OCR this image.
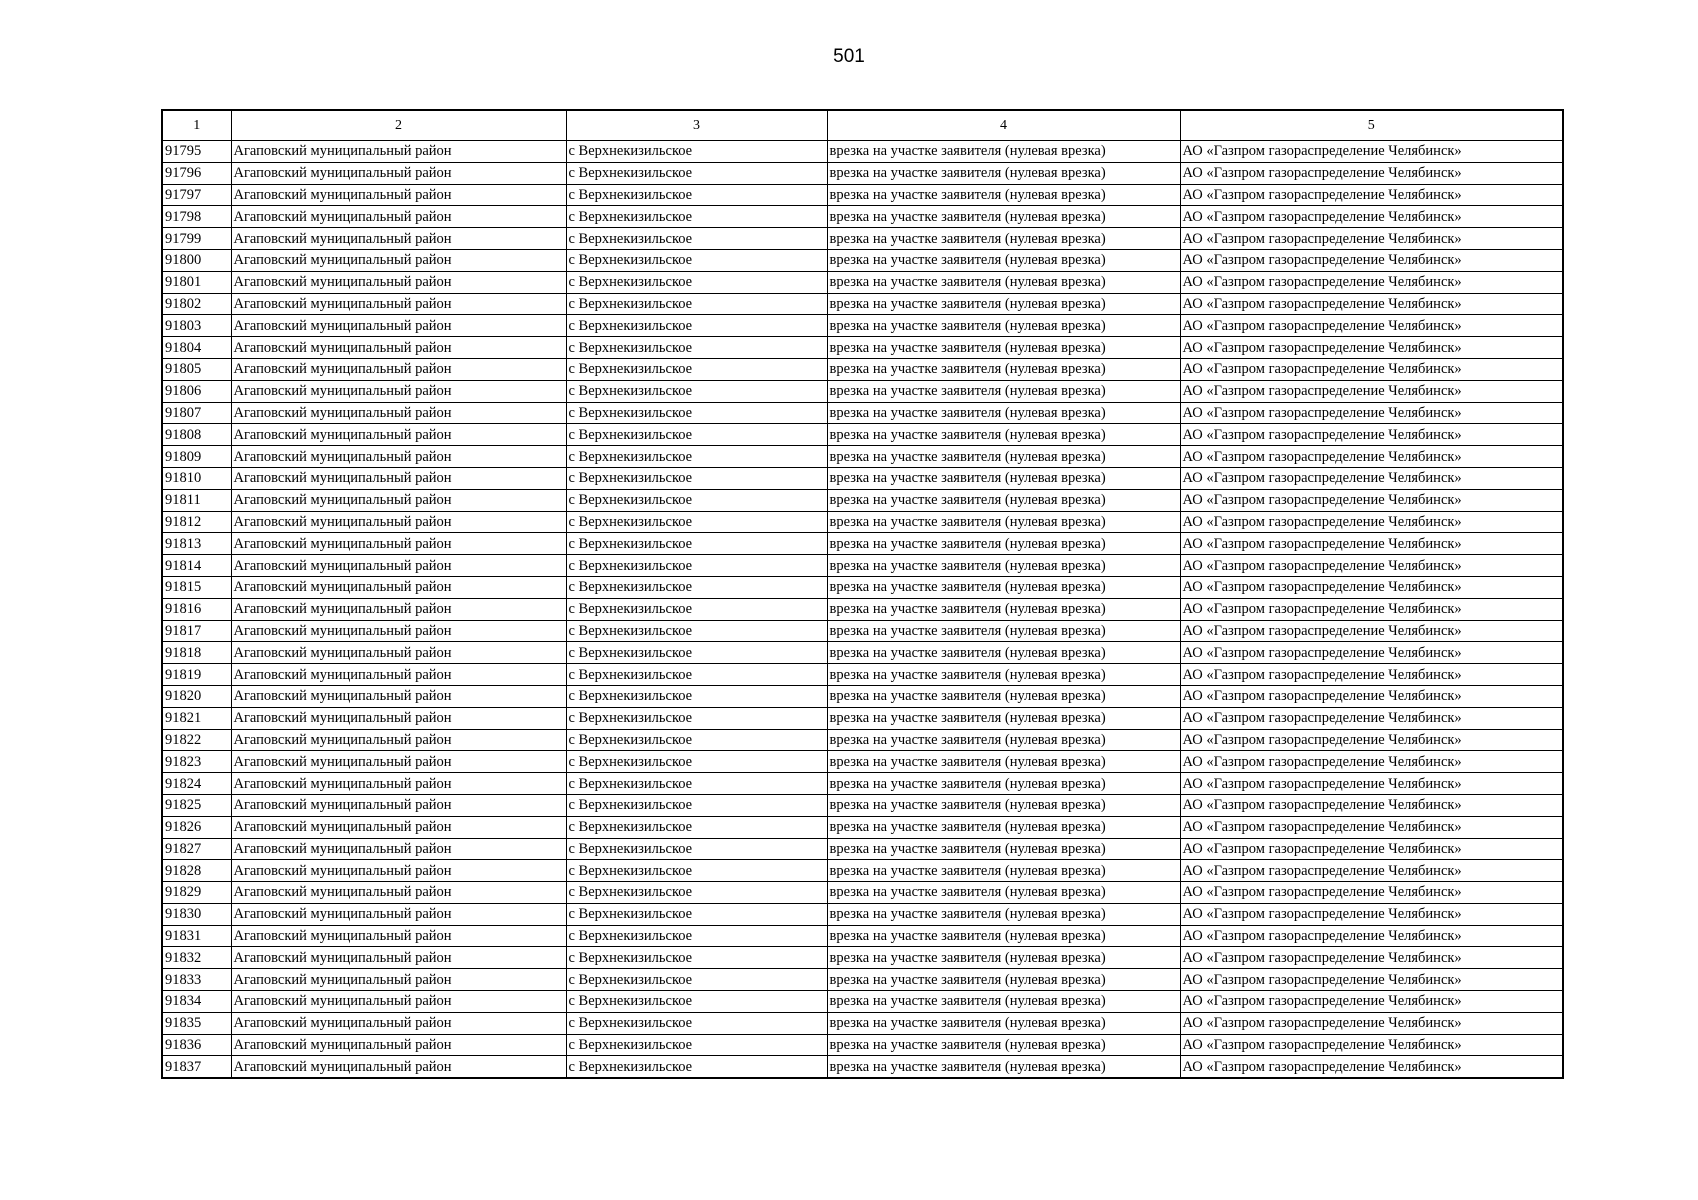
501
1	2	3	4	5
91795	Агаповский муниципальный район	с Верхнекизильское	врезка на участке заявителя (нулевая врезка)	АО «Газпром газораспределение Челябинск»
91796	Агаповский муниципальный район	с Верхнекизильское	врезка на участке заявителя (нулевая врезка)	АО «Газпром газораспределение Челябинск»
91797	Агаповский муниципальный район	с Верхнекизильское	врезка на участке заявителя (нулевая врезка)	АО «Газпром газораспределение Челябинск»
91798	Агаповский муниципальный район	с Верхнекизильское	врезка на участке заявителя (нулевая врезка)	АО «Газпром газораспределение Челябинск»
91799	Агаповский муниципальный район	с Верхнекизильское	врезка на участке заявителя (нулевая врезка)	АО «Газпром газораспределение Челябинск»
91800	Агаповский муниципальный район	с Верхнекизильское	врезка на участке заявителя (нулевая врезка)	АО «Газпром газораспределение Челябинск»
91801	Агаповский муниципальный район	с Верхнекизильское	врезка на участке заявителя (нулевая врезка)	АО «Газпром газораспределение Челябинск»
91802	Агаповский муниципальный район	с Верхнекизильское	врезка на участке заявителя (нулевая врезка)	АО «Газпром газораспределение Челябинск»
91803	Агаповский муниципальный район	с Верхнекизильское	врезка на участке заявителя (нулевая врезка)	АО «Газпром газораспределение Челябинск»
91804	Агаповский муниципальный район	с Верхнекизильское	врезка на участке заявителя (нулевая врезка)	АО «Газпром газораспределение Челябинск»
91805	Агаповский муниципальный район	с Верхнекизильское	врезка на участке заявителя (нулевая врезка)	АО «Газпром газораспределение Челябинск»
91806	Агаповский муниципальный район	с Верхнекизильское	врезка на участке заявителя (нулевая врезка)	АО «Газпром газораспределение Челябинск»
91807	Агаповский муниципальный район	с Верхнекизильское	врезка на участке заявителя (нулевая врезка)	АО «Газпром газораспределение Челябинск»
91808	Агаповский муниципальный район	с Верхнекизильское	врезка на участке заявителя (нулевая врезка)	АО «Газпром газораспределение Челябинск»
91809	Агаповский муниципальный район	с Верхнекизильское	врезка на участке заявителя (нулевая врезка)	АО «Газпром газораспределение Челябинск»
91810	Агаповский муниципальный район	с Верхнекизильское	врезка на участке заявителя (нулевая врезка)	АО «Газпром газораспределение Челябинск»
91811	Агаповский муниципальный район	с Верхнекизильское	врезка на участке заявителя (нулевая врезка)	АО «Газпром газораспределение Челябинск»
91812	Агаповский муниципальный район	с Верхнекизильское	врезка на участке заявителя (нулевая врезка)	АО «Газпром газораспределение Челябинск»
91813	Агаповский муниципальный район	с Верхнекизильское	врезка на участке заявителя (нулевая врезка)	АО «Газпром газораспределение Челябинск»
91814	Агаповский муниципальный район	с Верхнекизильское	врезка на участке заявителя (нулевая врезка)	АО «Газпром газораспределение Челябинск»
91815	Агаповский муниципальный район	с Верхнекизильское	врезка на участке заявителя (нулевая врезка)	АО «Газпром газораспределение Челябинск»
91816	Агаповский муниципальный район	с Верхнекизильское	врезка на участке заявителя (нулевая врезка)	АО «Газпром газораспределение Челябинск»
91817	Агаповский муниципальный район	с Верхнекизильское	врезка на участке заявителя (нулевая врезка)	АО «Газпром газораспределение Челябинск»
91818	Агаповский муниципальный район	с Верхнекизильское	врезка на участке заявителя (нулевая врезка)	АО «Газпром газораспределение Челябинск»
91819	Агаповский муниципальный район	с Верхнекизильское	врезка на участке заявителя (нулевая врезка)	АО «Газпром газораспределение Челябинск»
91820	Агаповский муниципальный район	с Верхнекизильское	врезка на участке заявителя (нулевая врезка)	АО «Газпром газораспределение Челябинск»
91821	Агаповский муниципальный район	с Верхнекизильское	врезка на участке заявителя (нулевая врезка)	АО «Газпром газораспределение Челябинск»
91822	Агаповский муниципальный район	с Верхнекизильское	врезка на участке заявителя (нулевая врезка)	АО «Газпром газораспределение Челябинск»
91823	Агаповский муниципальный район	с Верхнекизильское	врезка на участке заявителя (нулевая врезка)	АО «Газпром газораспределение Челябинск»
91824	Агаповский муниципальный район	с Верхнекизильское	врезка на участке заявителя (нулевая врезка)	АО «Газпром газораспределение Челябинск»
91825	Агаповский муниципальный район	с Верхнекизильское	врезка на участке заявителя (нулевая врезка)	АО «Газпром газораспределение Челябинск»
91826	Агаповский муниципальный район	с Верхнекизильское	врезка на участке заявителя (нулевая врезка)	АО «Газпром газораспределение Челябинск»
91827	Агаповский муниципальный район	с Верхнекизильское	врезка на участке заявителя (нулевая врезка)	АО «Газпром газораспределение Челябинск»
91828	Агаповский муниципальный район	с Верхнекизильское	врезка на участке заявителя (нулевая врезка)	АО «Газпром газораспределение Челябинск»
91829	Агаповский муниципальный район	с Верхнекизильское	врезка на участке заявителя (нулевая врезка)	АО «Газпром газораспределение Челябинск»
91830	Агаповский муниципальный район	с Верхнекизильское	врезка на участке заявителя (нулевая врезка)	АО «Газпром газораспределение Челябинск»
91831	Агаповский муниципальный район	с Верхнекизильское	врезка на участке заявителя (нулевая врезка)	АО «Газпром газораспределение Челябинск»
91832	Агаповский муниципальный район	с Верхнекизильское	врезка на участке заявителя (нулевая врезка)	АО «Газпром газораспределение Челябинск»
91833	Агаповский муниципальный район	с Верхнекизильское	врезка на участке заявителя (нулевая врезка)	АО «Газпром газораспределение Челябинск»
91834	Агаповский муниципальный район	с Верхнекизильское	врезка на участке заявителя (нулевая врезка)	АО «Газпром газораспределение Челябинск»
91835	Агаповский муниципальный район	с Верхнекизильское	врезка на участке заявителя (нулевая врезка)	АО «Газпром газораспределение Челябинск»
91836	Агаповский муниципальный район	с Верхнекизильское	врезка на участке заявителя (нулевая врезка)	АО «Газпром газораспределение Челябинск»
91837	Агаповский муниципальный район	с Верхнекизильское	врезка на участке заявителя (нулевая врезка)	АО «Газпром газораспределение Челябинск»
